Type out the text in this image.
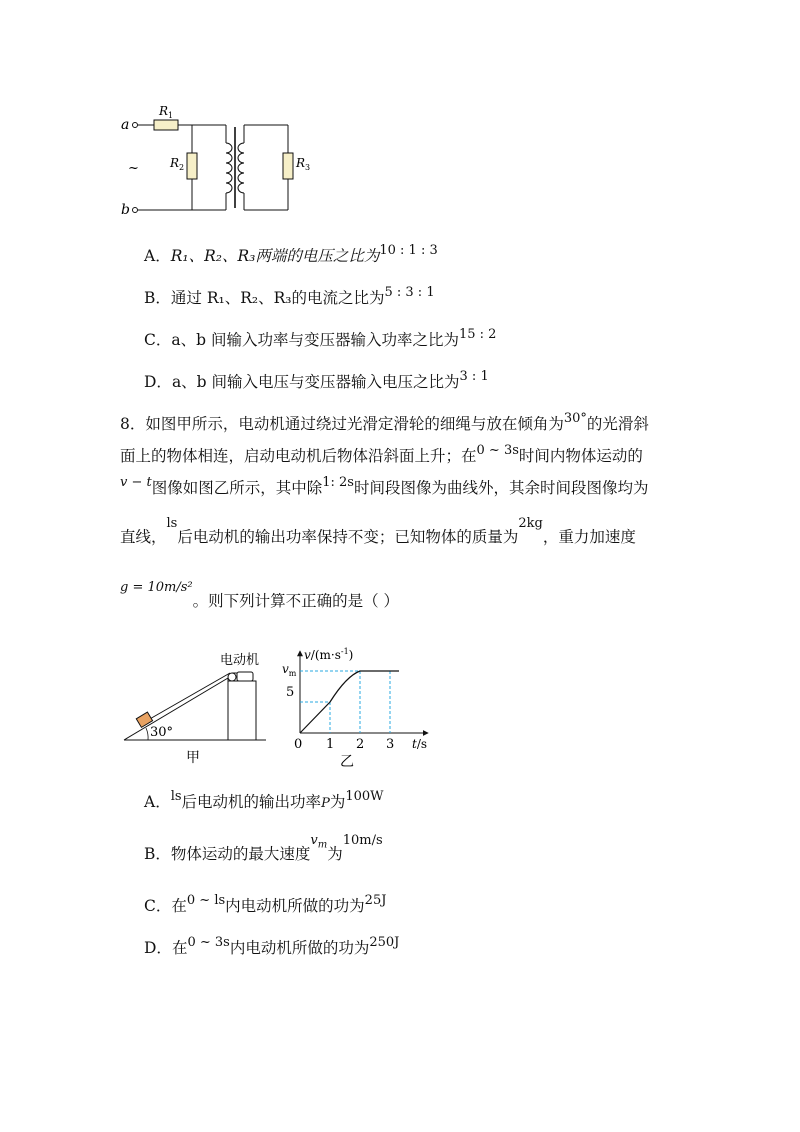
a
b
~
$R_1$
$R_2$	$R_3$
A．R₁、R₂、R₃两端的电压之比为$^{10 : 1 : 3}$
B．通过 R₁、R₂、R₃的电流之比为$^{5 : 3 : 1}$
C．a、b 间输入功率与变压器输入功率之比为$^{15 : 2}$
D．a、b 间输入电压与变压器输入电压之比为$^{3 : 1}$
8．如图甲所示，电动机通过绕过光滑定滑轮的细绳与放在倾角为$^{30^\circ}$的光滑斜
面上的物体相连，启动电动机后物体沿斜面上升；在$^{0 \sim 3s}$时间内物体运动的
$^{v - t}$图像如图乙所示，其中除$^{1: 2s}$时间段图像为曲线外，其余时间段图像均为
直线，$^{ls}$后电动机的输出功率保持不变；已知物体的质量为$^{2kg}$，重力加速度
$^{g = 10m/s^2}$。则下列计算不正确的是（ ）
电动机
30°
甲
$v/(m\cdot s^{-1})$
$v_m$
5
0 1 2 3 t/s
乙
A．$^{ls}$后电动机的输出功率P为$^{100W}$
B．物体运动的最大速度$^{v_m}$为$^{10m/s}$
C．在$^{0 \sim ls}$内电动机所做的功为$^{25J}$
D．在$^{0 \sim 3s}$内电动机所做的功为$^{250J}$
